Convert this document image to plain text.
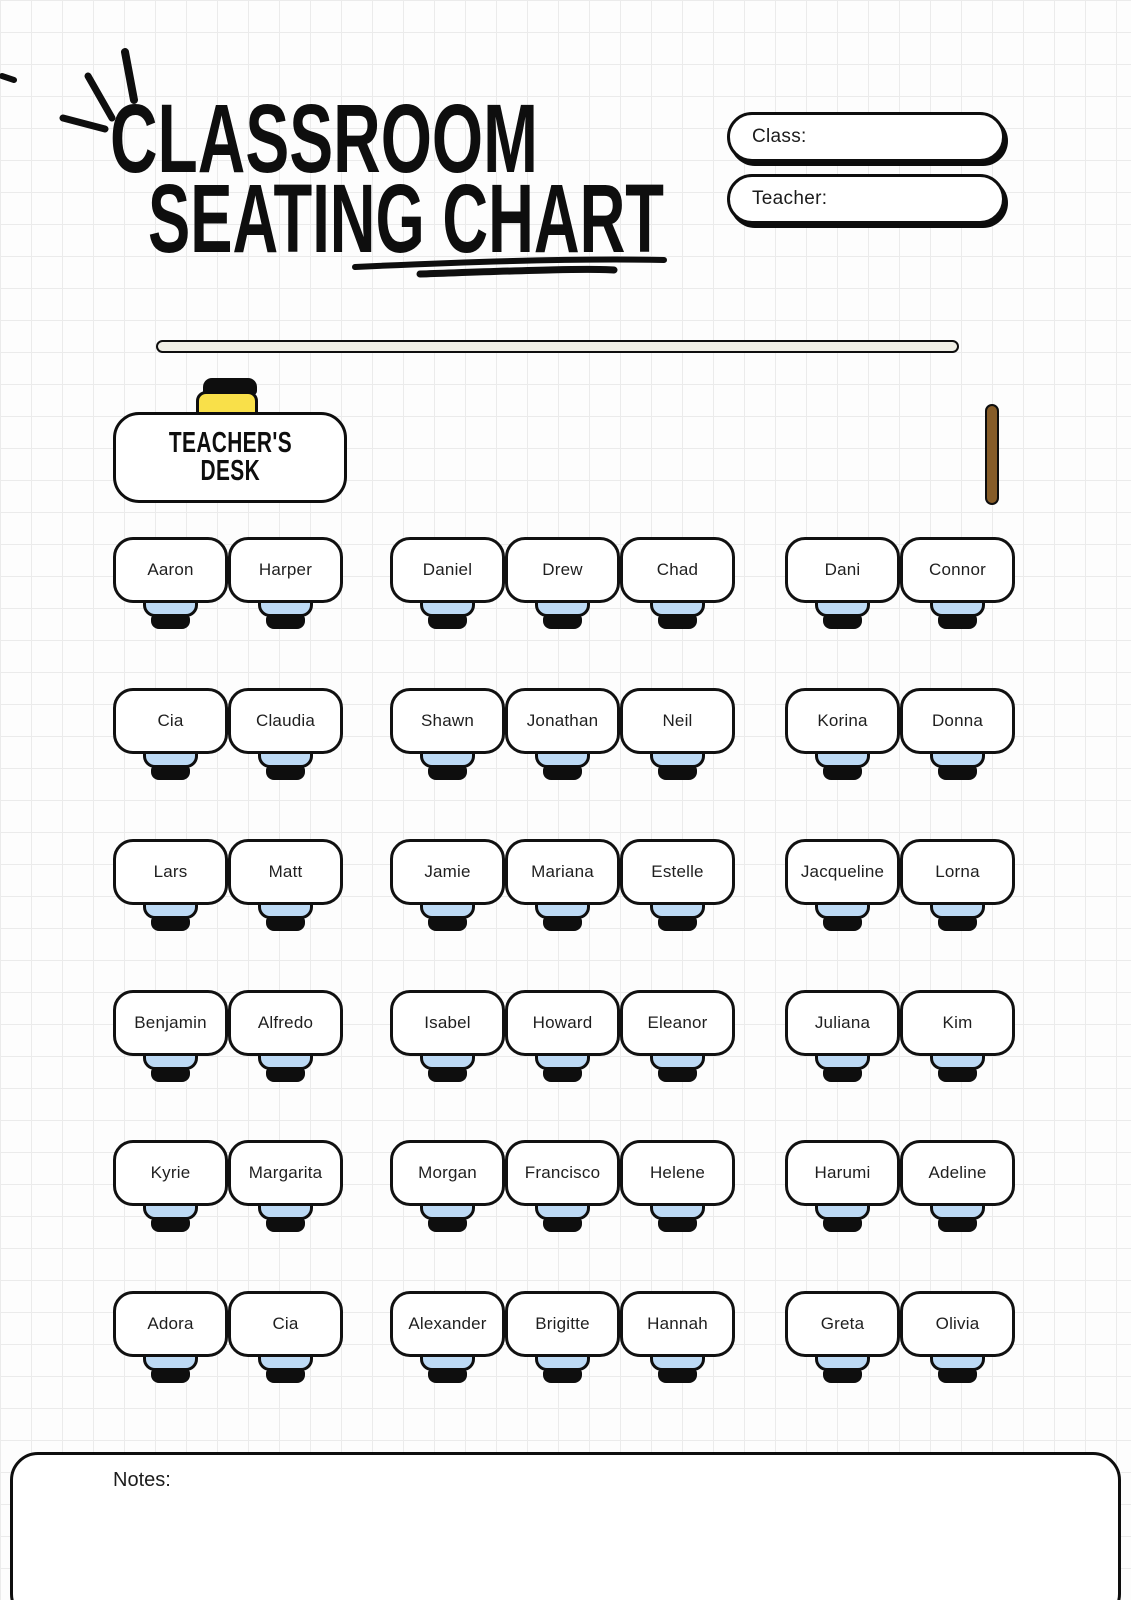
CLASSROOM
SEATING CHART
Class:
Teacher:
TEACHER'S
DESK
Aaron	Harper	Daniel	Drew	Chad	Dani	Connor
Cia	Claudia	Shawn	Jonathan	Neil	Korina	Donna
Lars	Matt	Jamie	Mariana	Estelle	Jacqueline	Lorna
Benjamin	Alfredo	Isabel	Howard	Eleanor	Juliana	Kim
Kyrie	Margarita	Morgan	Francisco	Helene	Harumi	Adeline
Adora	Cia	Alexander	Brigitte	Hannah	Greta	Olivia
Notes:
